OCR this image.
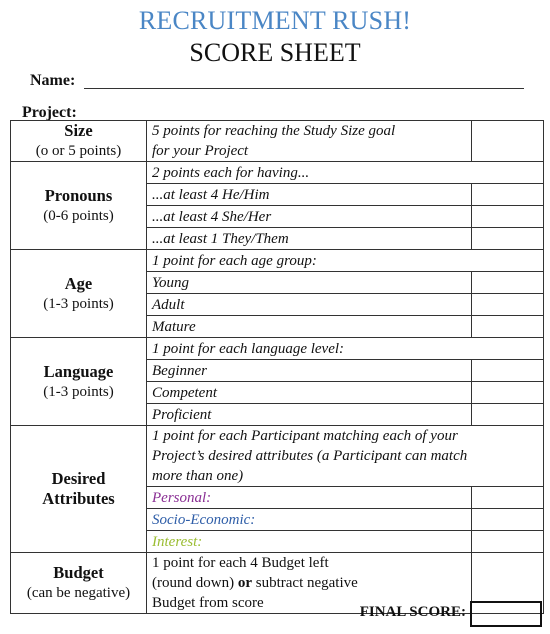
RECRUITMENT RUSH!
SCORE SHEET
Name:
Project:
Size
(o or 5 points)	5 points for reaching the Study Size goal
for your Project	

Pronouns
(0-6 points)	2 points each for having...	
	...at least 4 He/Him	
	...at least 4 She/Her	
	...at least 1 They/Them	

Age
(1-3 points)	1 point for each age group:	
	Young	
	Adult	
	Mature	

Language
(1-3 points)	1 point for each language level:	
	Beginner	
	Competent	
	Proficient	

Desired
Attributes	1 point for each Participant matching each of your
Project’s desired attributes (a Participant can match
more than one)	

	Personal:	
	Socio-Economic:	
	Interest:	

Budget
(can be negative)	1 point for each 4 Budget left
(round down) or subtract negative
Budget from score	

FINAL SCORE:
